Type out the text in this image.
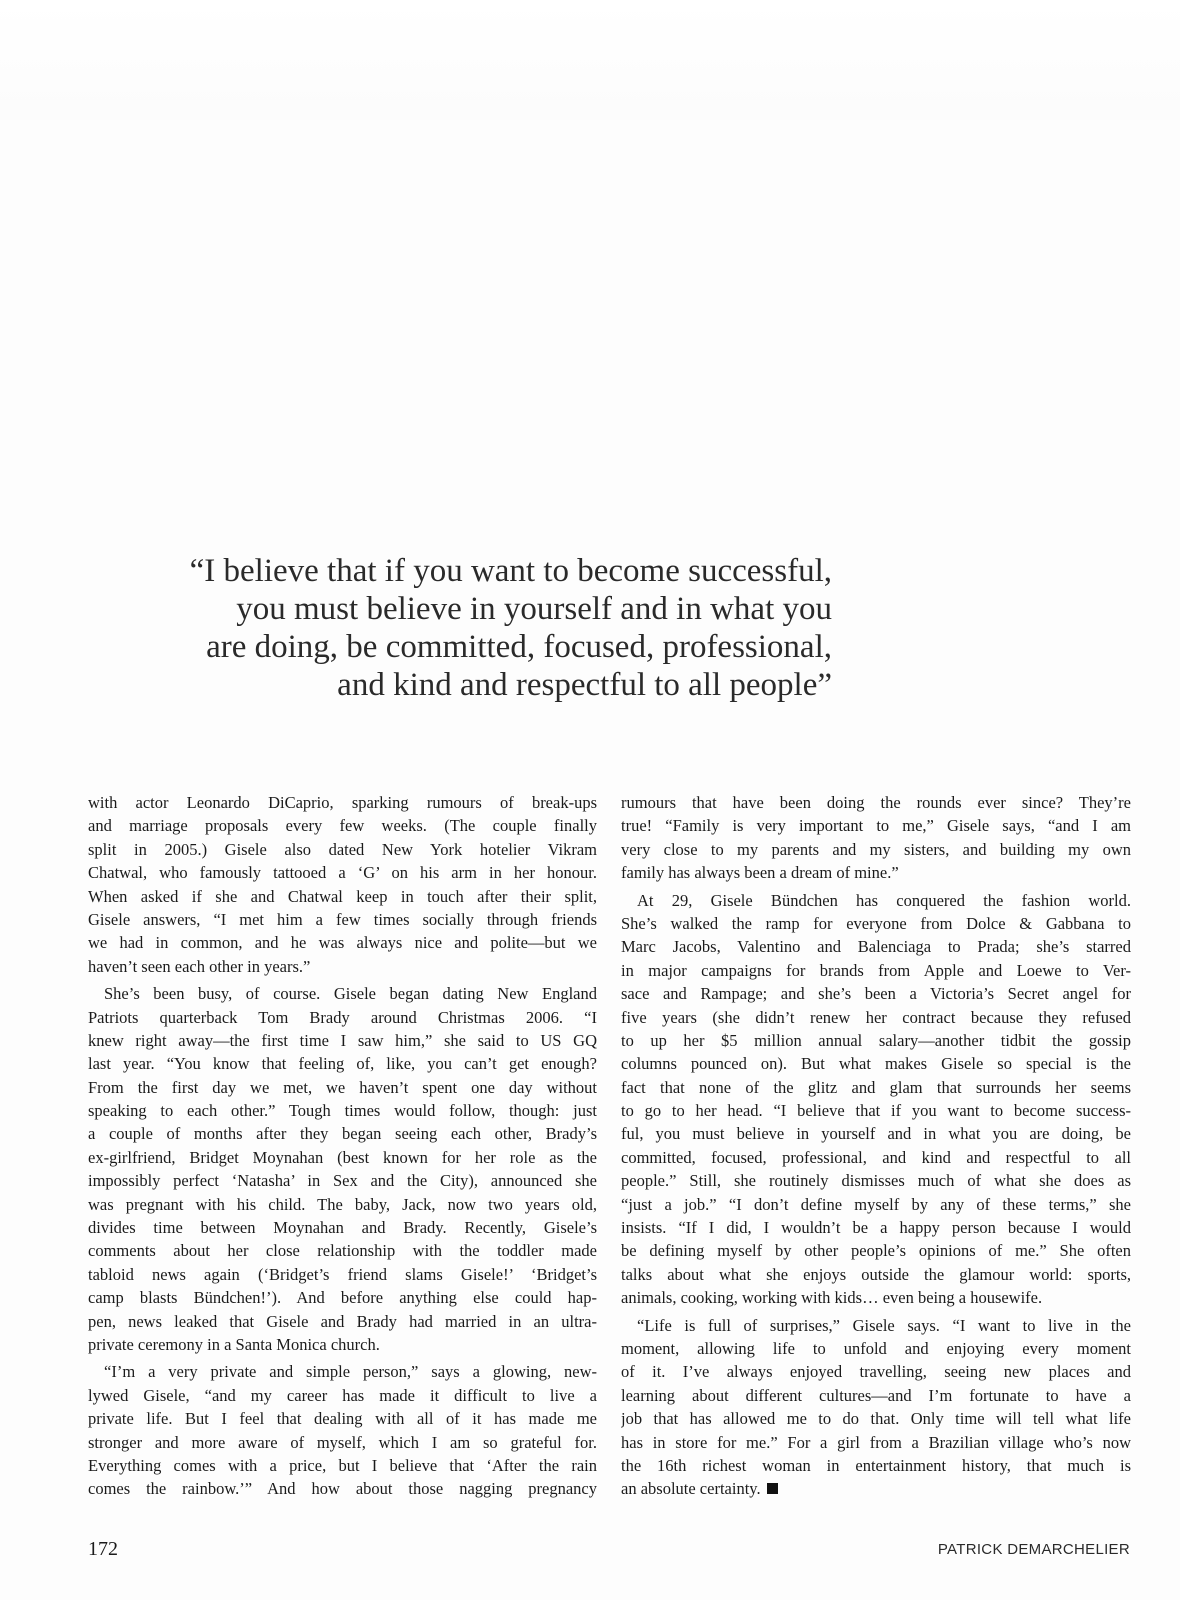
“I believe that if you want to become successful,
you must believe in yourself and in what you
are doing, be committed, focused, professional,
and kind and respectful to all people”
with actor Leonardo DiCaprio, sparking rumours of break-ups
and marriage proposals every few weeks. (The couple finally
split in 2005.) Gisele also dated New York hotelier Vikram
Chatwal, who famously tattooed a ‘G’ on his arm in her honour.
When asked if she and Chatwal keep in touch after their split,
Gisele answers, “I met him a few times socially through friends
we had in common, and he was always nice and polite—but we
haven’t seen each other in years.”
She’s been busy, of course. Gisele began dating New England
Patriots quarterback Tom Brady around Christmas 2006. “I
knew right away—the first time I saw him,” she said to US GQ
last year. “You know that feeling of, like, you can’t get enough?
From the first day we met, we haven’t spent one day without
speaking to each other.” Tough times would follow, though: just
a couple of months after they began seeing each other, Brady’s
ex-girlfriend, Bridget Moynahan (best known for her role as the
impossibly perfect ‘Natasha’ in Sex and the City), announced she
was pregnant with his child. The baby, Jack, now two years old,
divides time between Moynahan and Brady. Recently, Gisele’s
comments about her close relationship with the toddler made
tabloid news again (‘Bridget’s friend slams Gisele!’ ‘Bridget’s
camp blasts Bündchen!’). And before anything else could hap-
pen, news leaked that Gisele and Brady had married in an ultra-
private ceremony in a Santa Monica church.
“I’m a very private and simple person,” says a glowing, new-
lywed Gisele, “and my career has made it difficult to live a
private life. But I feel that dealing with all of it has made me
stronger and more aware of myself, which I am so grateful for.
Everything comes with a price, but I believe that ‘After the rain
comes the rainbow.’” And how about those nagging pregnancy
rumours that have been doing the rounds ever since? They’re
true! “Family is very important to me,” Gisele says, “and I am
very close to my parents and my sisters, and building my own
family has always been a dream of mine.”
At 29, Gisele Bündchen has conquered the fashion world.
She’s walked the ramp for everyone from Dolce & Gabbana to
Marc Jacobs, Valentino and Balenciaga to Prada; she’s starred
in major campaigns for brands from Apple and Loewe to Ver-
sace and Rampage; and she’s been a Victoria’s Secret angel for
five years (she didn’t renew her contract because they refused
to up her $5 million annual salary—another tidbit the gossip
columns pounced on). But what makes Gisele so special is the
fact that none of the glitz and glam that surrounds her seems
to go to her head. “I believe that if you want to become success-
ful, you must believe in yourself and in what you are doing, be
committed, focused, professional, and kind and respectful to all
people.” Still, she routinely dismisses much of what she does as
“just a job.” “I don’t define myself by any of these terms,” she
insists. “If I did, I wouldn’t be a happy person because I would
be defining myself by other people’s opinions of me.” She often
talks about what she enjoys outside the glamour world: sports,
animals, cooking, working with kids… even being a housewife.
“Life is full of surprises,” Gisele says. “I want to live in the
moment, allowing life to unfold and enjoying every moment
of it. I’ve always enjoyed travelling, seeing new places and
learning about different cultures—and I’m fortunate to have a
job that has allowed me to do that. Only time will tell what life
has in store for me.” For a girl from a Brazilian village who’s now
the 16th richest woman in entertainment history, that much is
an absolute certainty.
172	PATRICK DEMARCHELIER
